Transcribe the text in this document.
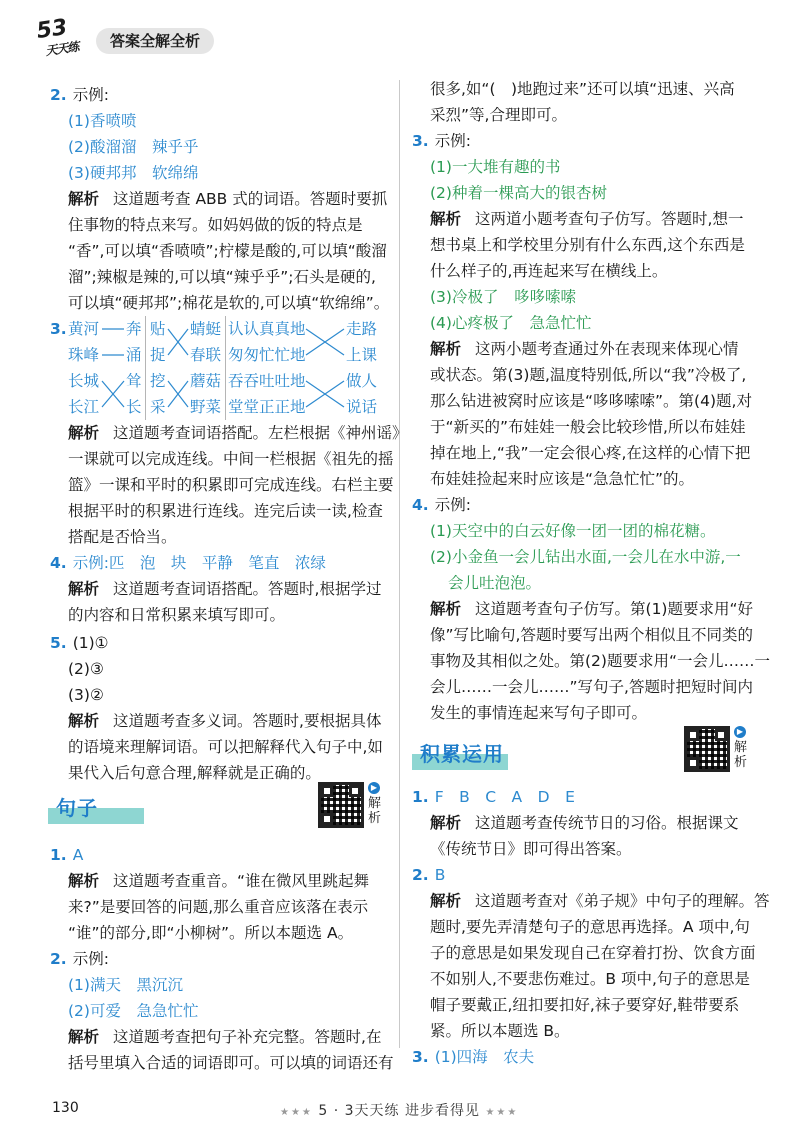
53
天天练	答案全解全析
2. 示例:
(1)香喷喷
(2)酸溜溜　辣乎乎
(3)硬邦邦　软绵绵
解析 这道题考查 ABB 式的词语。答题时要抓
住事物的特点来写。如妈妈做的饭的特点是
“香”,可以填“香喷喷”;柠檬是酸的,可以填“酸溜
溜”;辣椒是辣的,可以填“辣乎乎”;石头是硬的,
可以填“硬邦邦”;棉花是软的,可以填“软绵绵”。
3. 黄河
珠峰
长城
长江
奔
涌
耸
长
贴
捉
挖
采
蜻蜓
春联
蘑菇
野菜
认认真真地
匆匆忙忙地
吞吞吐吐地
堂堂正正地
走路
上课
做人
说话
解析 这道题考查词语搭配。左栏根据《神州谣》
一课就可以完成连线。中间一栏根据《祖先的摇
篮》一课和平时的积累即可完成连线。右栏主要
根据平时的积累进行连线。连完后读一读,检查
搭配是否恰当。
4. 示例:匹　泡　块　平静　笔直　浓绿
解析 这道题考查词语搭配。答题时,根据学过
的内容和日常积累来填写即可。
5. (1)①
(2)③
(3)②
解析 这道题考查多义词。答题时,要根据具体
的语境来理解词语。可以把解释代入句子中,如
果代入后句意合理,解释就是正确的。
句子
▶
解析
1. A
解析 这道题考查重音。“谁在微风里跳起舞
来?”是要回答的问题,那么重音应该落在表示
“谁”的部分,即“小柳树”。所以本题选 A。
2. 示例:
(1)满天　黑沉沉
(2)可爱　急急忙忙
解析 这道题考查把句子补充完整。答题时,在
括号里填入合适的词语即可。可以填的词语还有
很多,如“(　)地跑过来”还可以填“迅速、兴高
采烈”等,合理即可。
3. 示例:
(1)一大堆有趣的书
(2)种着一棵高大的银杏树
解析 这两道小题考查句子仿写。答题时,想一
想书桌上和学校里分别有什么东西,这个东西是
什么样子的,再连起来写在横线上。
(3)冷极了　哆哆嗦嗦
(4)心疼极了　急急忙忙
解析 这两小题考查通过外在表现来体现心情
或状态。第(3)题,温度特别低,所以“我”冷极了,
那么钻进被窝时应该是“哆哆嗦嗦”。第(4)题,对
于“新买的”布娃娃一般会比较珍惜,所以布娃娃
掉在地上,“我”一定会很心疼,在这样的心情下把
布娃娃捡起来时应该是“急急忙忙”的。
4. 示例:
(1)天空中的白云好像一团一团的棉花糖。
(2)小金鱼一会儿钻出水面,一会儿在水中游,一
会儿吐泡泡。
解析 这道题考查句子仿写。第(1)题要求用“好
像”写比喻句,答题时要写出两个相似且不同类的
事物及其相似之处。第(2)题要求用“一会儿……一
会儿……一会儿……”写句子,答题时把短时间内
发生的事情连起来写句子即可。
积累运用
▶
解析
1. F　B　C　A　D　E
解析 这道题考查传统节日的习俗。根据课文
《传统节日》即可得出答案。
2. B
解析 这道题考查对《弟子规》中句子的理解。答
题时,要先弄清楚句子的意思再选择。A 项中,句
子的意思是如果发现自己在穿着打扮、饮食方面
不如别人,不要悲伤难过。B 项中,句子的意思是
帽子要戴正,纽扣要扣好,袜子要穿好,鞋带要系
紧。所以本题选 B。
3. (1)四海　农夫
130	★★★ 5 · 3天天练 进步看得见 ★★★
